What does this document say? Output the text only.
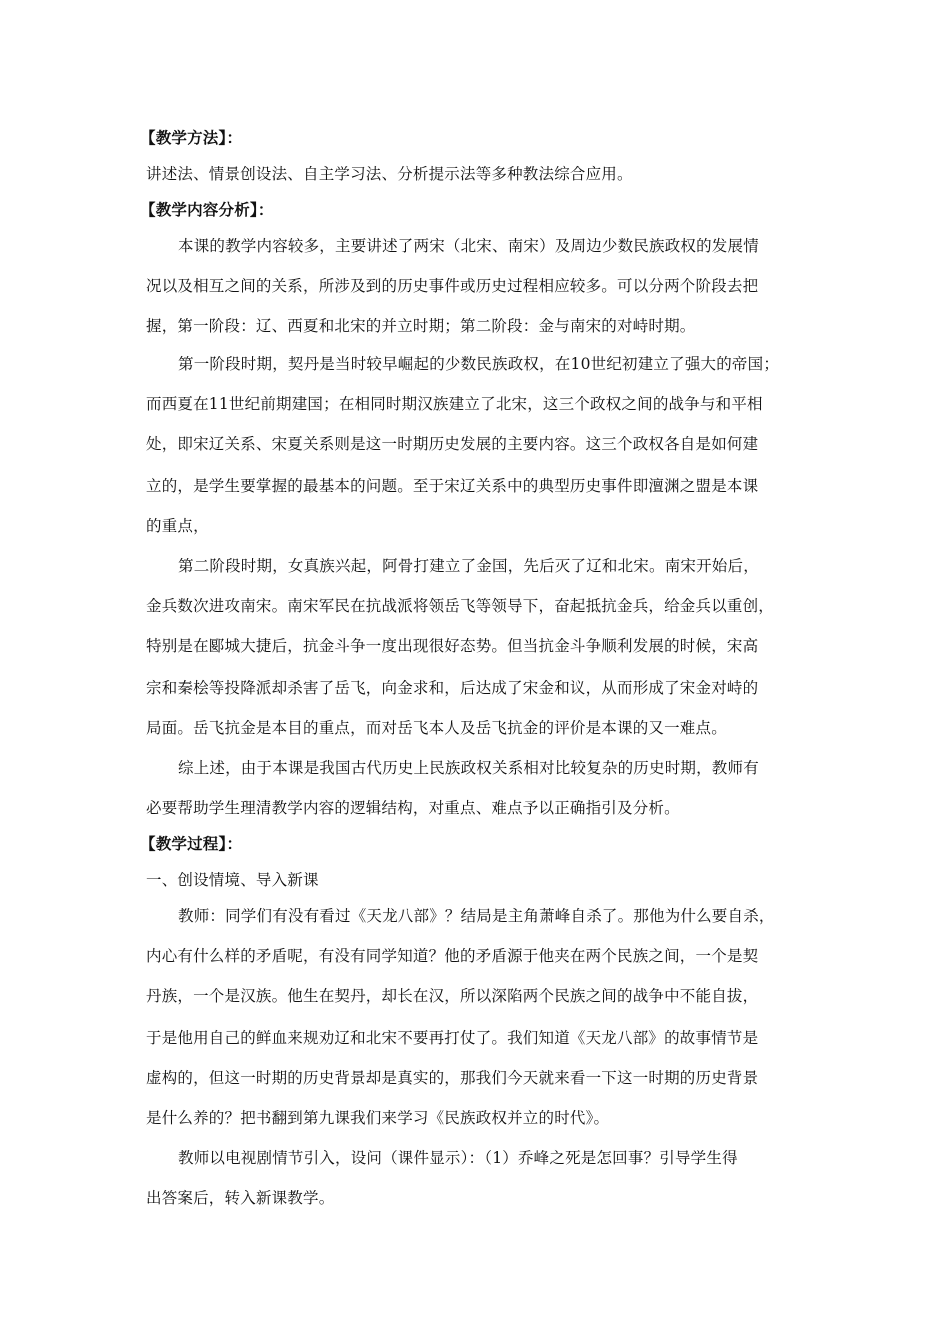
【教学方法】：
讲述法、情景创设法、自主学习法、分析提示法等多种教法综合应用。
【教学内容分析】：
本课的教学内容较多，主要讲述了两宋（北宋、南宋）及周边少数民族政权的发展情
况以及相互之间的关系，所涉及到的历史事件或历史过程相应较多。可以分两个阶段去把
握，第一阶段：辽、西夏和北宋的并立时期；第二阶段：金与南宋的对峙时期。
第一阶段时期，契丹是当时较早崛起的少数民族政权，在10世纪初建立了强大的帝国；
而西夏在11世纪前期建国；在相同时期汉族建立了北宋，这三个政权之间的战争与和平相
处，即宋辽关系、宋夏关系则是这一时期历史发展的主要内容。这三个政权各自是如何建
立的，是学生要掌握的最基本的问题。至于宋辽关系中的典型历史事件即澶渊之盟是本课
的重点，
第二阶段时期，女真族兴起，阿骨打建立了金国，先后灭了辽和北宋。南宋开始后，
金兵数次进攻南宋。南宋军民在抗战派将领岳飞等领导下，奋起抵抗金兵，给金兵以重创，
特别是在郾城大捷后，抗金斗争一度出现很好态势。但当抗金斗争顺利发展的时候，宋高
宗和秦桧等投降派却杀害了岳飞，向金求和，后达成了宋金和议，从而形成了宋金对峙的
局面。岳飞抗金是本目的重点，而对岳飞本人及岳飞抗金的评价是本课的又一难点。
综上述，由于本课是我国古代历史上民族政权关系相对比较复杂的历史时期，教师有
必要帮助学生理清教学内容的逻辑结构，对重点、难点予以正确指引及分析。
【教学过程】：
一、创设情境、导入新课
教师：同学们有没有看过《天龙八部》？结局是主角萧峰自杀了。那他为什么要自杀，
内心有什么样的矛盾呢，有没有同学知道？他的矛盾源于他夹在两个民族之间，一个是契
丹族，一个是汉族。他生在契丹，却长在汉，所以深陷两个民族之间的战争中不能自拔，
于是他用自己的鲜血来规劝辽和北宋不要再打仗了。我们知道《天龙八部》的故事情节是
虚构的，但这一时期的历史背景却是真实的，那我们今天就来看一下这一时期的历史背景
是什么养的？把书翻到第九课我们来学习《民族政权并立的时代》。
教师以电视剧情节引入，设问（课件显示）：（1）乔峰之死是怎回事？引导学生得
出答案后，转入新课教学。
